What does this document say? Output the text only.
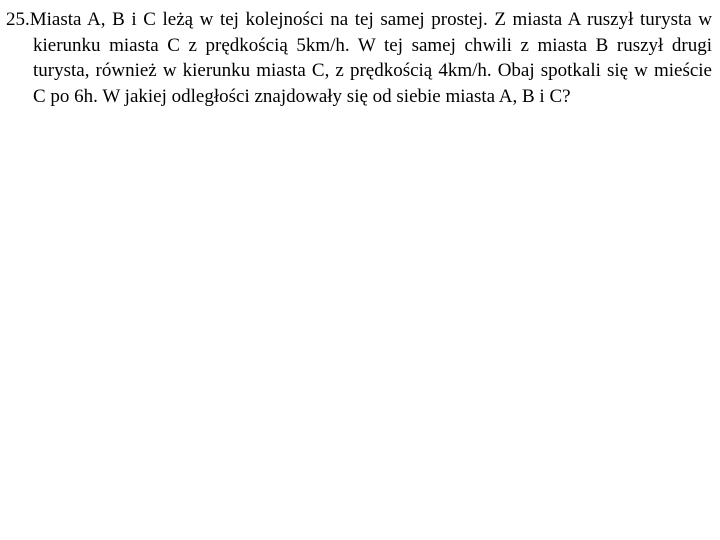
25.Miasta A, B i C leżą w tej kolejności na tej samej prostej. Z miasta A ruszył turysta w kierunku miasta C z prędkością 5km/h. W tej samej chwili z miasta B ruszył drugi turysta, również w kierunku miasta C, z prędkością 4km/h. Obaj spotkali się w mieście C po 6h. W jakiej odległości znajdowały się od siebie miasta A, B i C?
